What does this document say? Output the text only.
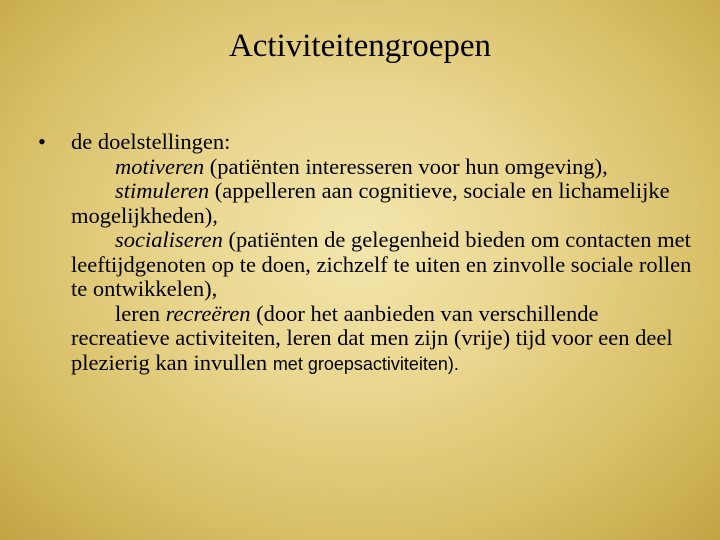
Activiteitengroepen
•	de doelstellingen:
motiveren (patiënten interesseren voor hun omgeving),
stimuleren (appelleren aan cognitieve, sociale en lichamelijke mogelijkheden),
socialiseren (patiënten de gelegenheid bieden om contacten met leeftijdgenoten op te doen, zichzelf te uiten en zinvolle sociale rollen te ontwikkelen),
leren recreëren (door het aanbieden van verschillende recreatieve activiteiten, leren dat men zijn (vrije) tijd voor een deel plezierig kan invullen met groepsactiviteiten).
